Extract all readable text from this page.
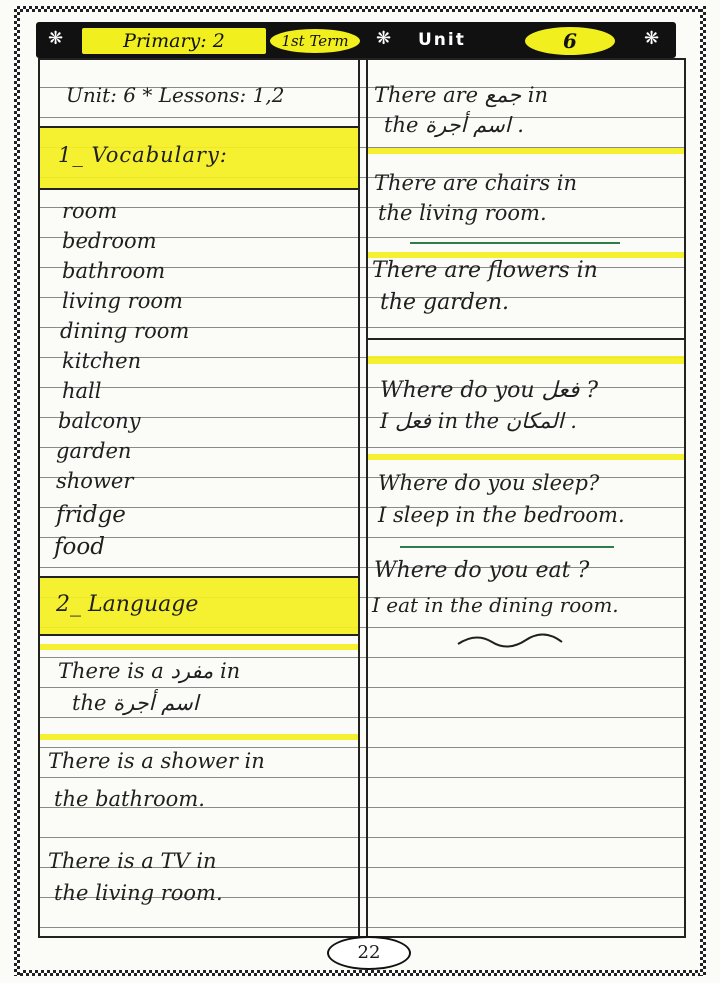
❋	Primary: 2	1st Term	❋ Unit	6	❋
Unit: 6 * Lessons: 1,2
1_ Vocabulary:
room
bedroom
bathroom
living room
dining room
kitchen
hall
balcony
garden
shower
fridge
food
2_ Language
There is a مفرد in
the اسم أجرة
There is a shower in
the bathroom.
There is a TV in
the living room.
There are جمع in
the اسم أجرة .
There are chairs in
the living room.
There are flowers in
the garden.
Where do you فعل ?
I فعل in the المكان .
Where do you sleep?
I sleep in the bedroom.
Where do you eat ?
I eat in the dining room.
22
